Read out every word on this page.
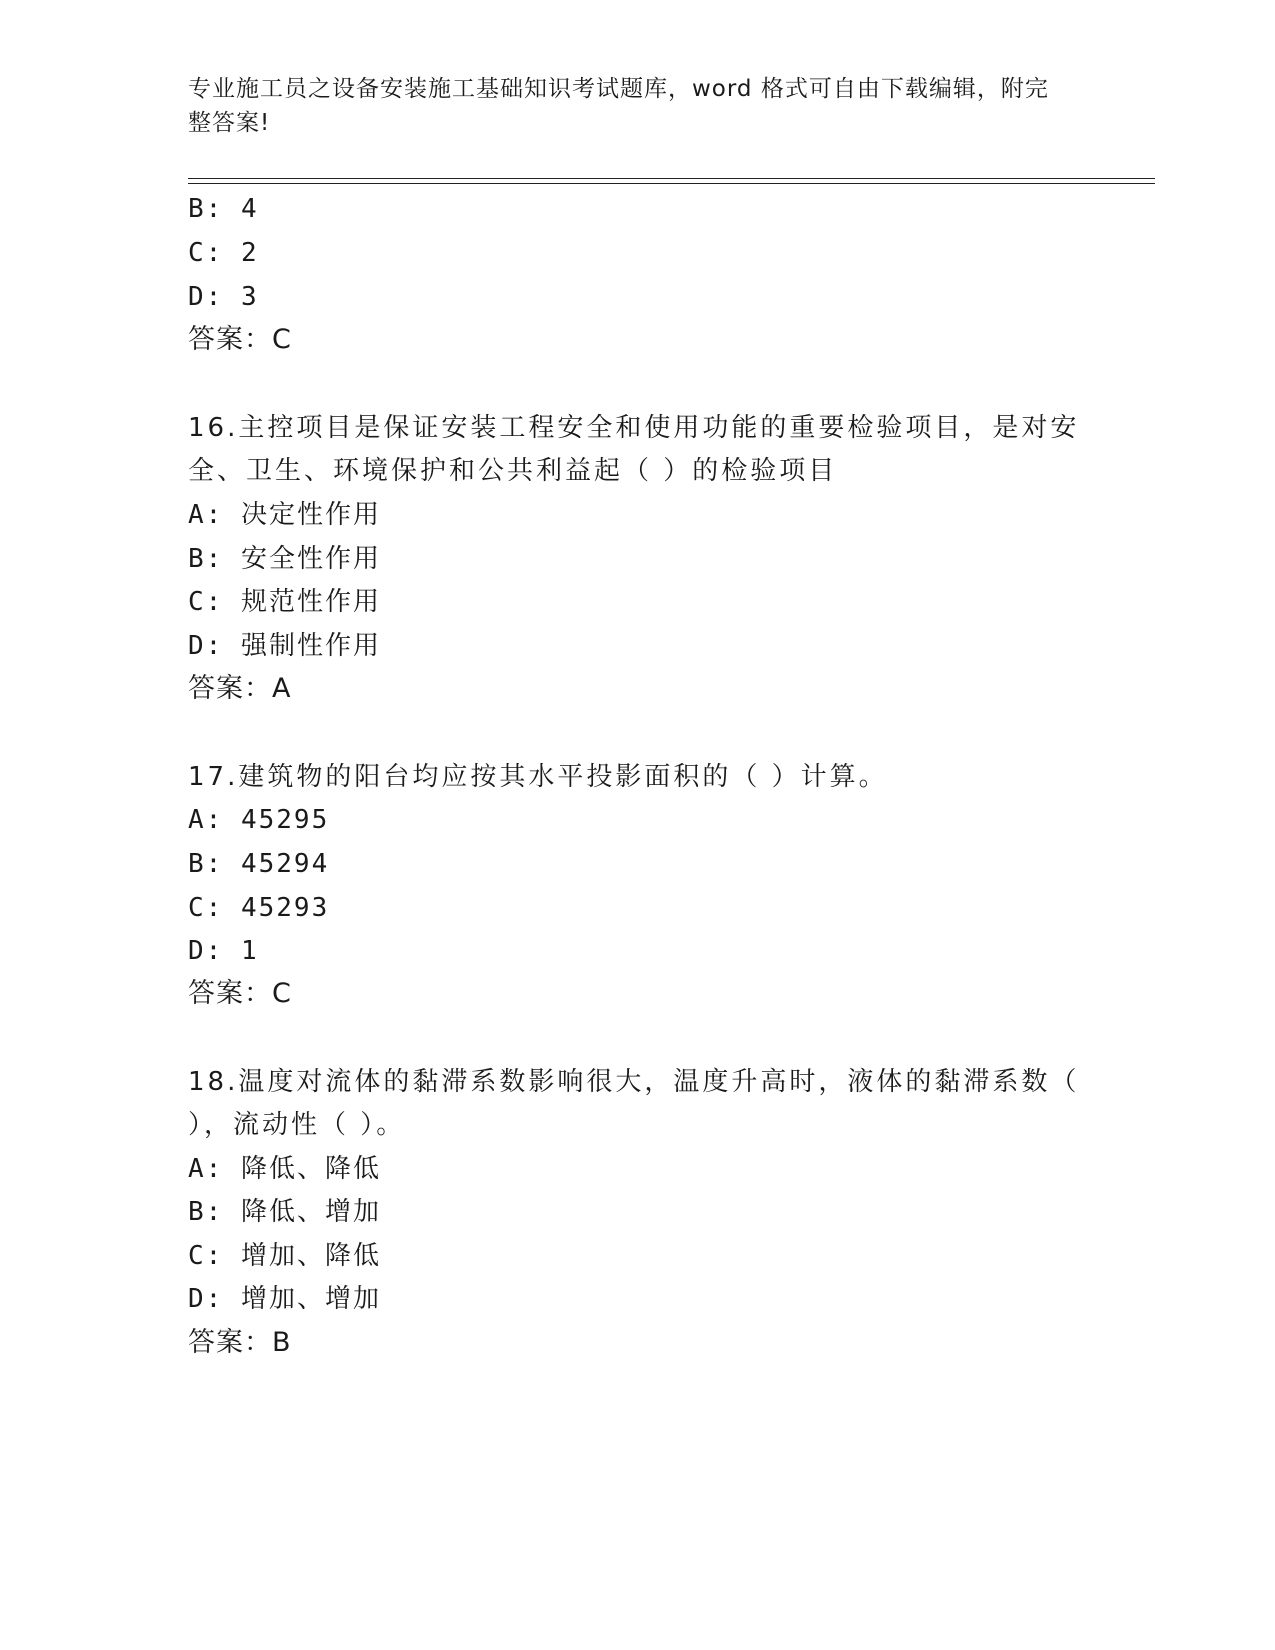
专业施工员之设备安装施工基础知识考试题库，word 格式可自由下载编辑，附完
整答案!
B: 4
C: 2
D: 3
答案：C
16.主控项目是保证安装工程安全和使用功能的重要检验项目，是对安
全、卫生、环境保护和公共利益起（ ）的检验项目
A: 决定性作用
B: 安全性作用
C: 规范性作用
D: 强制性作用
答案：A
17.建筑物的阳台均应按其水平投影面积的（ ）计算。
A: 45295
B: 45294
C: 45293
D: 1
答案：C
18.温度对流体的黏滞系数影响很大，温度升高时，液体的黏滞系数（
），流动性（ ）。
A: 降低、降低
B: 降低、增加
C: 增加、降低
D: 增加、增加
答案：B
